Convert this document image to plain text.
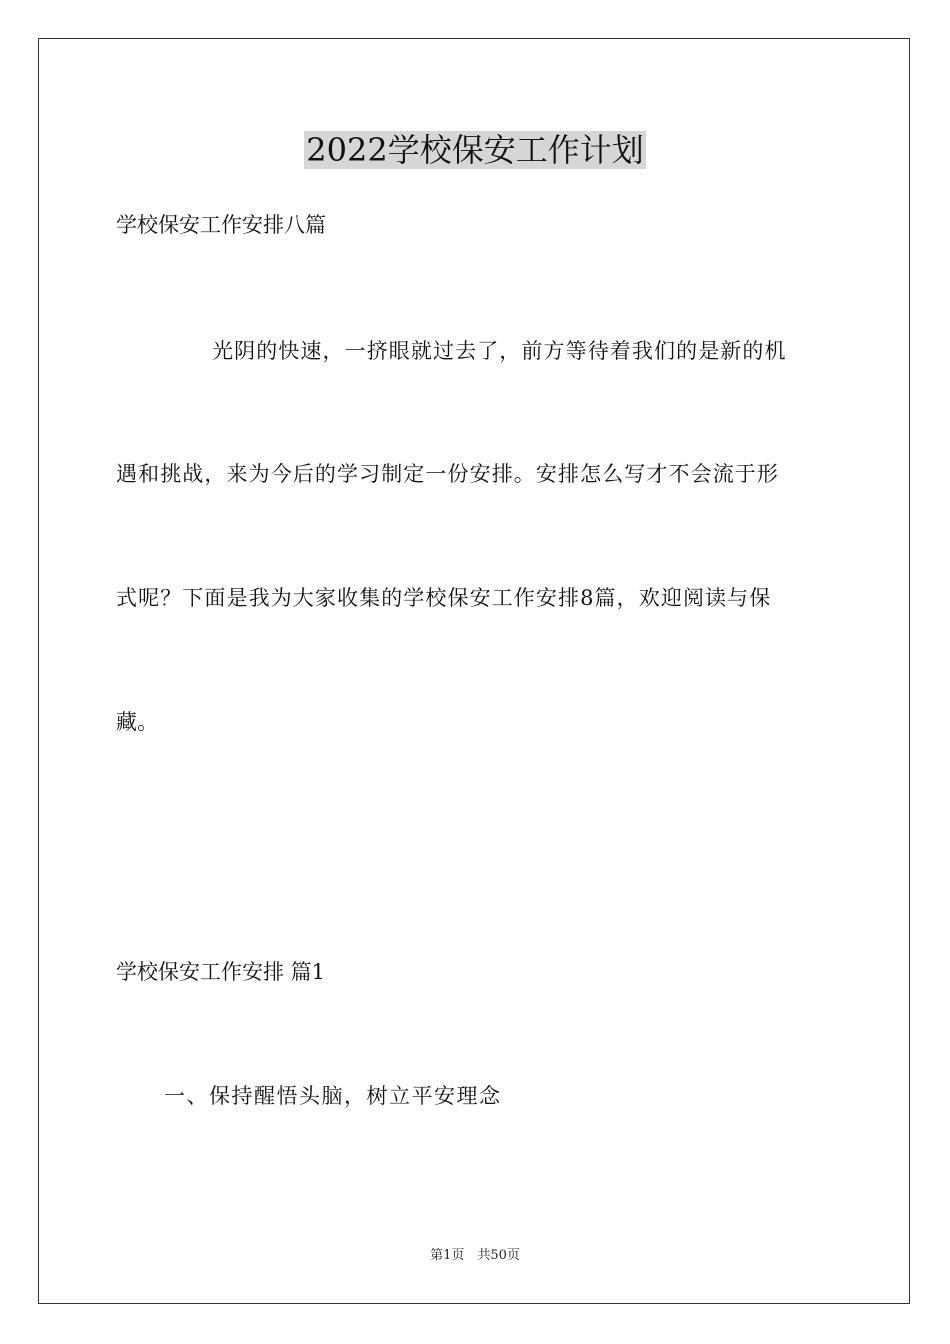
2022学校保安工作计划
学校保安工作安排八篇
光阴的快速，一挤眼就过去了，前方等待着我们的是新的机
遇和挑战，来为今后的学习制定一份安排。安排怎么写才不会流于形
式呢？下面是我为大家收集的学校保安工作安排8篇，欢迎阅读与保
藏。
学校保安工作安排 篇1
一、保持醒悟头脑，树立平安理念
第1页　共50页
